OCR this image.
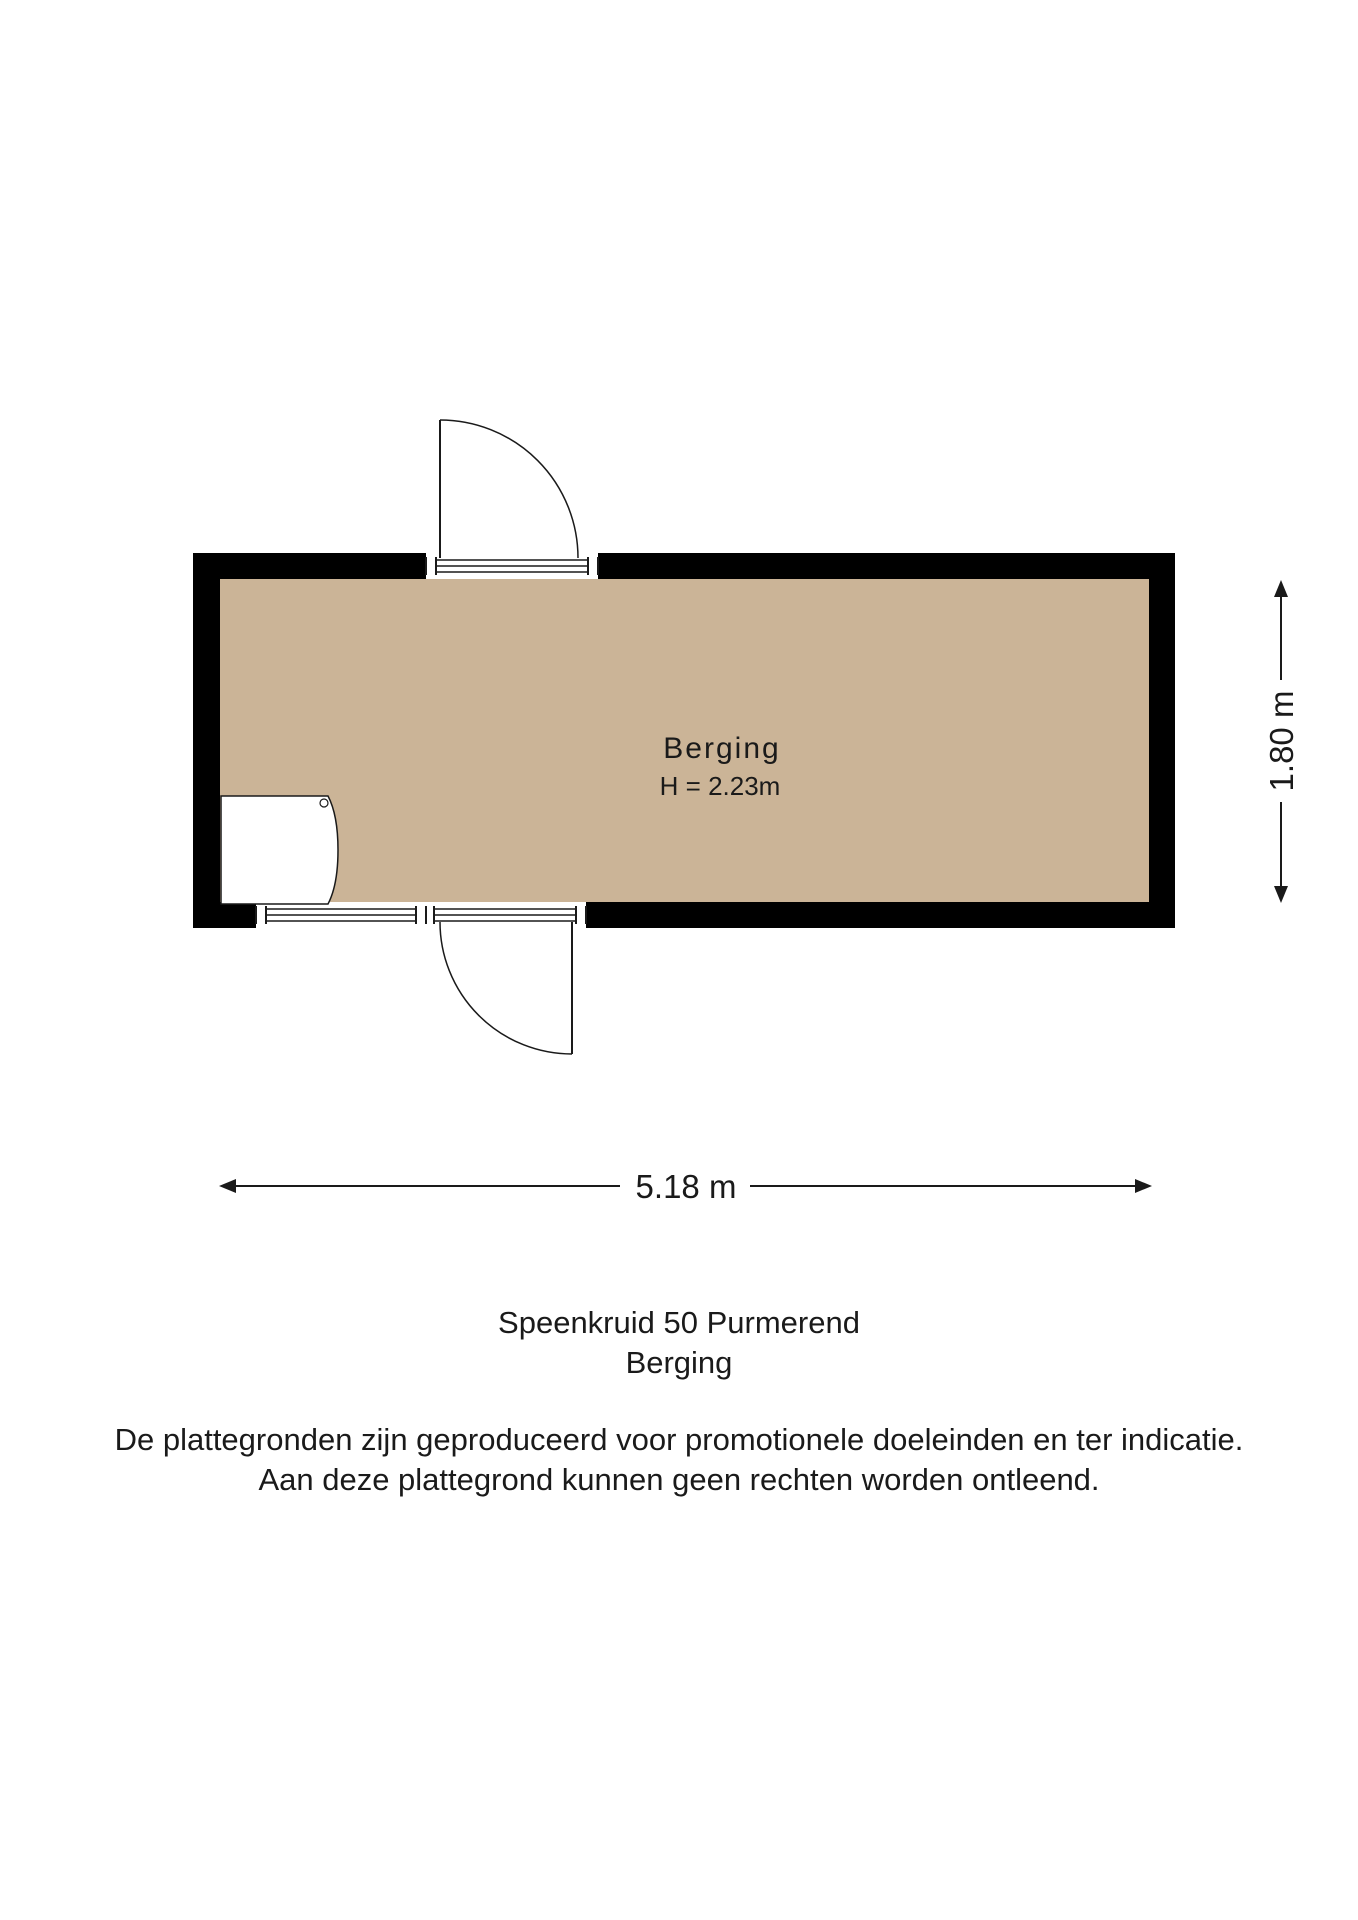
Berging
H = 2.23m
5.18 m
1.80 m
Speenkruid 50 Purmerend
Berging
De plattegronden zijn geproduceerd voor promotionele doeleinden en ter indicatie.
Aan deze plattegrond kunnen geen rechten worden ontleend.
